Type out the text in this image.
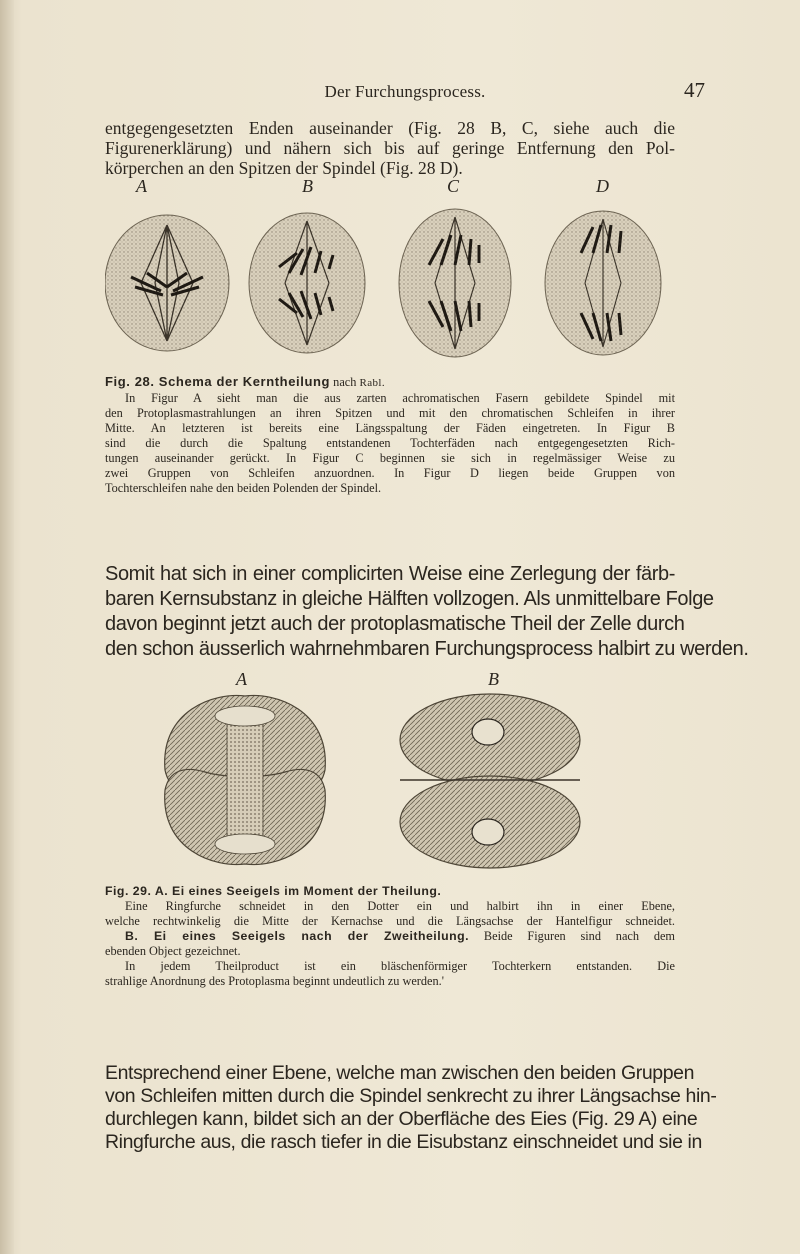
Der Furchungsprocess.	47

entgegengesetzten Enden auseinander (Fig. 28 B, C, siehe auch die
Figurenerklärung) und nähern sich bis auf geringe Entfernung den Pol-
körperchen an den Spitzen der Spindel (Fig. 28 D).

A	B	C	D
Fig. 28. Schema der Kerntheilung nach Rabl.
In Figur A sieht man die aus zarten achromatischen Fasern gebildete Spindel mit
den Protoplasmastrahlungen an ihren Spitzen und mit den chromatischen Schleifen in ihrer
Mitte. An letzteren ist bereits eine Längsspaltung der Fäden eingetreten. In Figur B
sind die durch die Spaltung entstandenen Tochterfäden nach entgegengesetzten Rich-
tungen auseinander gerückt. In Figur C beginnen sie sich in regelmässiger Weise zu
zwei Gruppen von Schleifen anzuordnen. In Figur D liegen beide Gruppen von
Tochterschleifen nahe den beiden Polenden der Spindel.

Somit hat sich in einer complicirten Weise eine Zerlegung der färb-
baren Kernsubstanz in gleiche Hälften vollzogen. Als unmittelbare Folge
davon beginnt jetzt auch der protoplasmatische Theil der Zelle durch
den schon äusserlich wahrnehmbaren Furchungsprocess halbirt zu werden.

A	B
Fig. 29. A. Ei eines Seeigels im Moment der Theilung.
Eine Ringfurche schneidet in den Dotter ein und halbirt ihn in einer Ebene,
welche rechtwinkelig die Mitte der Kernachse und die Längsachse der Hantelfigur schneidet.
B. Ei eines Seeigels nach der Zweitheilung. Beide Figuren sind nach dem
ebenden Object gezeichnet.
In jedem Theilproduct ist ein bläschenförmiger Tochterkern entstanden. Die
strahlige Anordnung des Protoplasma beginnt undeutlich zu werden.'

Entsprechend einer Ebene, welche man zwischen den beiden Gruppen
von Schleifen mitten durch die Spindel senkrecht zu ihrer Längsachse hin-
durchlegen kann, bildet sich an der Oberfläche des Eies (Fig. 29 A) eine
Ringfurche aus, die rasch tiefer in die Eisubstanz einschneidet und sie in
